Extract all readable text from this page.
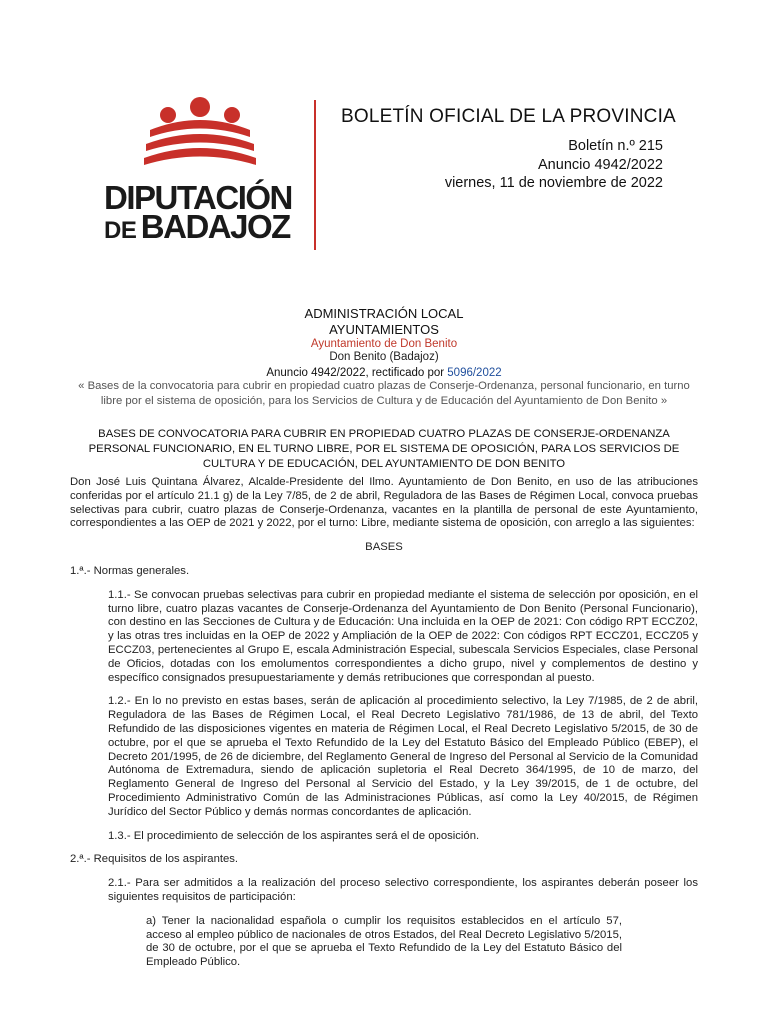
DIPUTACIÓN
DE BADAJOZ
BOLETÍN OFICIAL DE LA PROVINCIA
Boletín n.º 215
Anuncio 4942/2022
viernes, 11 de noviembre de 2022
ADMINISTRACIÓN LOCAL
AYUNTAMIENTOS
Ayuntamiento de Don Benito
Don Benito (Badajoz)
Anuncio 4942/2022, rectificado por 5096/2022
« Bases de la convocatoria para cubrir en propiedad cuatro plazas de Conserje-Ordenanza, personal funcionario, en turno libre por el sistema de oposición, para los Servicios de Cultura y de Educación del Ayuntamiento de Don Benito »
BASES DE CONVOCATORIA PARA CUBRIR EN PROPIEDAD CUATRO PLAZAS DE CONSERJE-ORDENANZA PERSONAL FUNCIONARIO, EN EL TURNO LIBRE, POR EL SISTEMA DE OPOSICIÓN, PARA LOS SERVICIOS DE CULTURA Y DE EDUCACIÓN, DEL AYUNTAMIENTO DE DON BENITO

Don José Luis Quintana Álvarez, Alcalde-Presidente del Ilmo. Ayuntamiento de Don Benito, en uso de las atribuciones conferidas por el artículo 21.1 g) de la Ley 7/85, de 2 de abril, Reguladora de las Bases de Régimen Local, convoca pruebas selectivas para cubrir, cuatro plazas de Conserje-Ordenanza, vacantes en la plantilla de personal de este Ayuntamiento, correspondientes a las OEP de 2021 y 2022, por el turno: Libre, mediante sistema de oposición, con arreglo a las siguientes:

BASES

1.ª.- Normas generales.

1.1.- Se convocan pruebas selectivas para cubrir en propiedad mediante el sistema de selección por oposición, en el turno libre, cuatro plazas vacantes de Conserje-Ordenanza del Ayuntamiento de Don Benito (Personal Funcionario), con destino en las Secciones de Cultura y de Educación: Una incluida en la OEP de 2021: Con código RPT ECCZ02, y las otras tres incluidas en la OEP de 2022 y Ampliación de la OEP de 2022: Con códigos RPT ECCZ01, ECCZ05 y ECCZ03, pertenecientes al Grupo E, escala Administración Especial, subescala Servicios Especiales, clase Personal de Oficios, dotadas con los emolumentos correspondientes a dicho grupo, nivel y complementos de destino y específico consignados presupuestariamente y demás retribuciones que correspondan al puesto.

1.2.- En lo no previsto en estas bases, serán de aplicación al procedimiento selectivo, la Ley 7/1985, de 2 de abril, Reguladora de las Bases de Régimen Local, el Real Decreto Legislativo 781/1986, de 13 de abril, del Texto Refundido de las disposiciones vigentes en materia de Régimen Local, el Real Decreto Legislativo 5/2015, de 30 de octubre, por el que se aprueba el Texto Refundido de la Ley del Estatuto Básico del Empleado Público (EBEP), el Decreto 201/1995, de 26 de diciembre, del Reglamento General de Ingreso del Personal al Servicio de la Comunidad Autónoma de Extremadura, siendo de aplicación supletoria el Real Decreto 364/1995, de 10 de marzo, del Reglamento General de Ingreso del Personal al Servicio del Estado, y la Ley 39/2015, de 1 de octubre, del Procedimiento Administrativo Común de las Administraciones Públicas, así como la Ley 40/2015, de Régimen Jurídico del Sector Público y demás normas concordantes de aplicación.

1.3.- El procedimiento de selección de los aspirantes será el de oposición.

2.ª.- Requisitos de los aspirantes.

2.1.- Para ser admitidos a la realización del proceso selectivo correspondiente, los aspirantes deberán poseer los siguientes requisitos de participación:

a) Tener la nacionalidad española o cumplir los requisitos establecidos en el artículo 57, acceso al empleo público de nacionales de otros Estados, del Real Decreto Legislativo 5/2015, de 30 de octubre, por el que se aprueba el Texto Refundido de la Ley del Estatuto Básico del Empleado Público.
